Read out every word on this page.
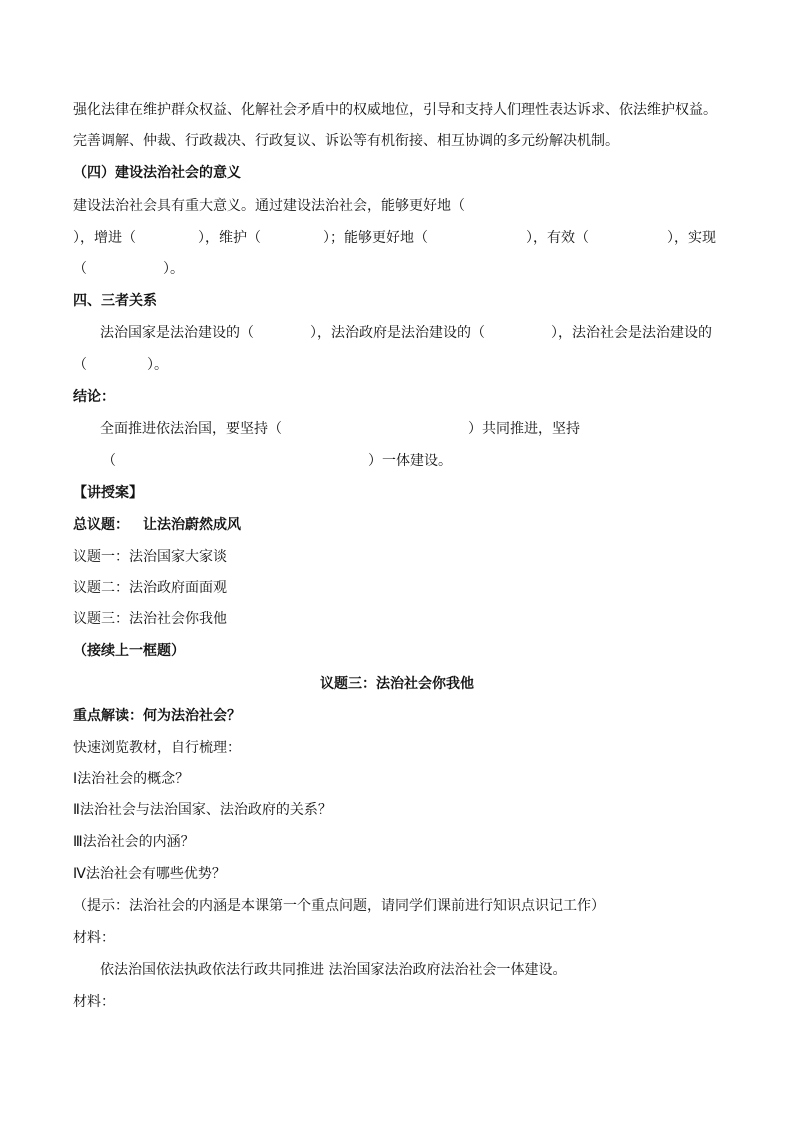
强化法律在维护群众权益、化解社会矛盾中的权威地位，引导和支持人们理性表达诉求、依法维护权益。
完善调解、仲裁、行政裁决、行政复议、诉讼等有机衔接、相互协调的多元纷解决机制。
（四）建设法治社会的意义
建设法治社会具有重大意义。通过建设法治社会，能够更好地（
），增进（	），维护（	）；能够更好地（	），有效（	），实现
（	）。
四、三者关系
法治国家是法治建设的（	），法治政府是法治建设的（	），法治社会是法治建设的
（	）。
结论：
全面推进依法治国，要坚持（	）共同推进，坚持
（	）一体建设。
【讲授案】
总议题： 让法治蔚然成风
议题一：法治国家大家谈
议题二：法治政府面面观
议题三：法治社会你我他
（接续上一框题）
议题三：法治社会你我他
重点解读：何为法治社会？
快速浏览教材，自行梳理：
Ⅰ法治社会的概念？
Ⅱ法治社会与法治国家、法治政府的关系？
Ⅲ法治社会的内涵？
Ⅳ法治社会有哪些优势？
（提示：法治社会的内涵是本课第一个重点问题，请同学们课前进行知识点识记工作）
材料：
依法治国依法执政依法行政共同推进 法治国家法治政府法治社会一体建设。
材料：
